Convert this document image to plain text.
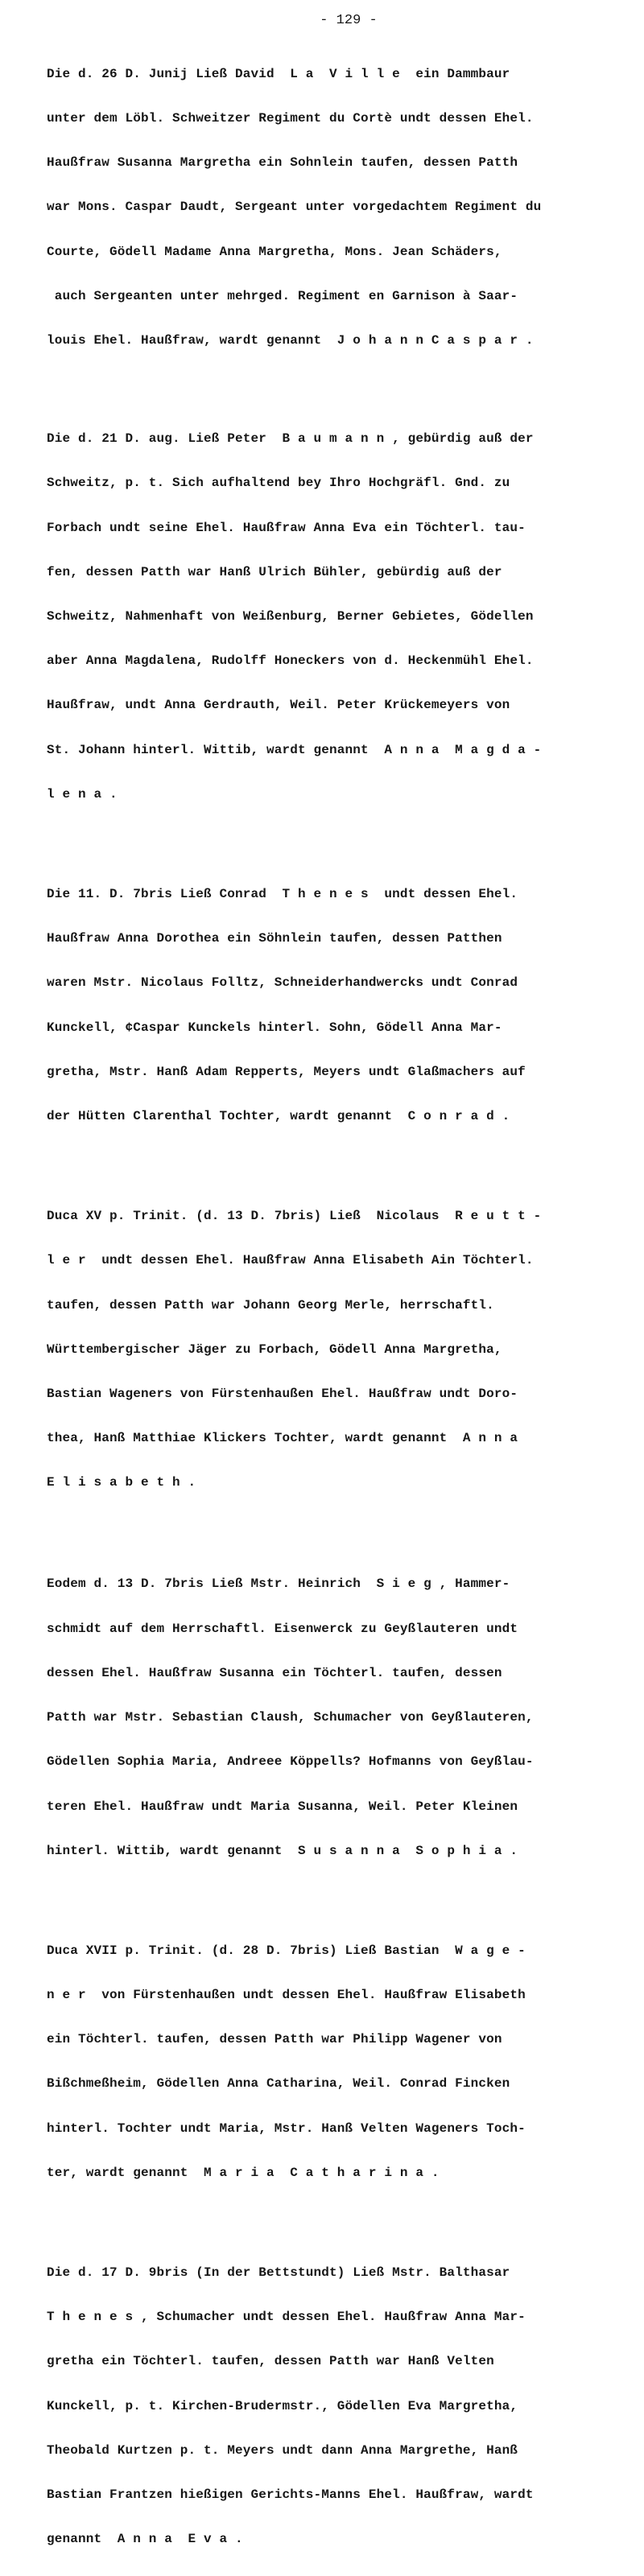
- 129 -

Die d. 26 D. Junij Ließ David  L a  V i l l e  ein Dammbaur

unter dem Löbl. Schweitzer Regiment du Cortè undt dessen Ehel.

Haußfraw Susanna Margretha ein Sohnlein taufen, dessen Patth

war Mons. Caspar Daudt, Sergeant unter vorgedachtem Regiment du

Courte, Gödell Madame Anna Margretha, Mons. Jean Schäders,

auch Sergeanten unter mehrged. Regiment en Garnison à Saar-

louis Ehel. Haußfraw, wardt genannt  J o h a n n C a s p a r .

Die d. 21 D. aug. Ließ Peter  B a u m a n n , gebürdig auß der

Schweitz, p. t. Sich aufhaltend bey Ihro Hochgräfl. Gnd. zu

Forbach undt seine Ehel. Haußfraw Anna Eva ein Töchterl. tau-

fen, dessen Patth war Hanß Ulrich Bühler, gebürdig auß der

Schweitz, Nahmenhaft von Weißenburg, Berner Gebietes, Gödellen

aber Anna Magdalena, Rudolff Honeckers von d. Heckenmühl Ehel.

Haußfraw, undt Anna Gerdrauth, Weil. Peter Krückemeyers von

St. Johann hinterl. Wittib, wardt genannt  A n n a  M a g d a -

l e n a .

Die 11. D. 7bris Ließ Conrad  T h e n e s  undt dessen Ehel.

Haußfraw Anna Dorothea ein Söhnlein taufen, dessen Patthen

waren Mstr. Nicolaus Folltz, Schneiderhandwercks undt Conrad

Kunckell, ¢Caspar Kunckels hinterl. Sohn, Gödell Anna Mar-

gretha, Mstr. Hanß Adam Repperts, Meyers undt Glaßmachers auf

der Hütten Clarenthal Tochter, wardt genannt  C o n r a d .

Duca XV p. Trinit. (d. 13 D. 7bris) Ließ  Nicolaus  R e u t t -

l e r  undt dessen Ehel. Haußfraw Anna Elisabeth Ain Töchterl.

taufen, dessen Patth war Johann Georg Merle, herrschaftl.

Württembergischer Jäger zu Forbach, Gödell Anna Margretha,

Bastian Wageners von Fürstenhaußen Ehel. Haußfraw undt Doro-

thea, Hanß Matthiae Klickers Tochter, wardt genannt  A n n a

E l i s a b e t h .

Eodem d. 13 D. 7bris Ließ Mstr. Heinrich  S i e g , Hammer-

schmidt auf dem Herrschaftl. Eisenwerck zu Geyßlauteren undt

dessen Ehel. Haußfraw Susanna ein Töchterl. taufen, dessen

Patth war Mstr. Sebastian Claush, Schumacher von Geyßlauteren,

Gödellen Sophia Maria, Andreee Köppells? Hofmanns von Geyßlau-

teren Ehel. Haußfraw undt Maria Susanna, Weil. Peter Kleinen

hinterl. Wittib, wardt genannt  S u s a n n a  S o p h i a .

Duca XVII p. Trinit. (d. 28 D. 7bris) Ließ Bastian  W a g e -

n e r  von Fürstenhaußen undt dessen Ehel. Haußfraw Elisabeth

ein Töchterl. taufen, dessen Patth war Philipp Wagener von

Bißchmeßheim, Gödellen Anna Catharina, Weil. Conrad Fincken

hinterl. Tochter undt Maria, Mstr. Hanß Velten Wageners Toch-

ter, wardt genannt  M a r i a  C a t h a r i n a .

Die d. 17 D. 9bris (In der Bettstundt) Ließ Mstr. Balthasar

T h e n e s , Schumacher undt dessen Ehel. Haußfraw Anna Mar-

gretha ein Töchterl. taufen, dessen Patth war Hanß Velten

Kunckell, p. t. Kirchen-Brudermstr., Gödellen Eva Margretha,

Theobald Kurtzen p. t. Meyers undt dann Anna Margrethe, Hanß

Bastian Frantzen hießigen Gerichts-Manns Ehel. Haußfraw, wardt

genannt  A n n a  E v a .
